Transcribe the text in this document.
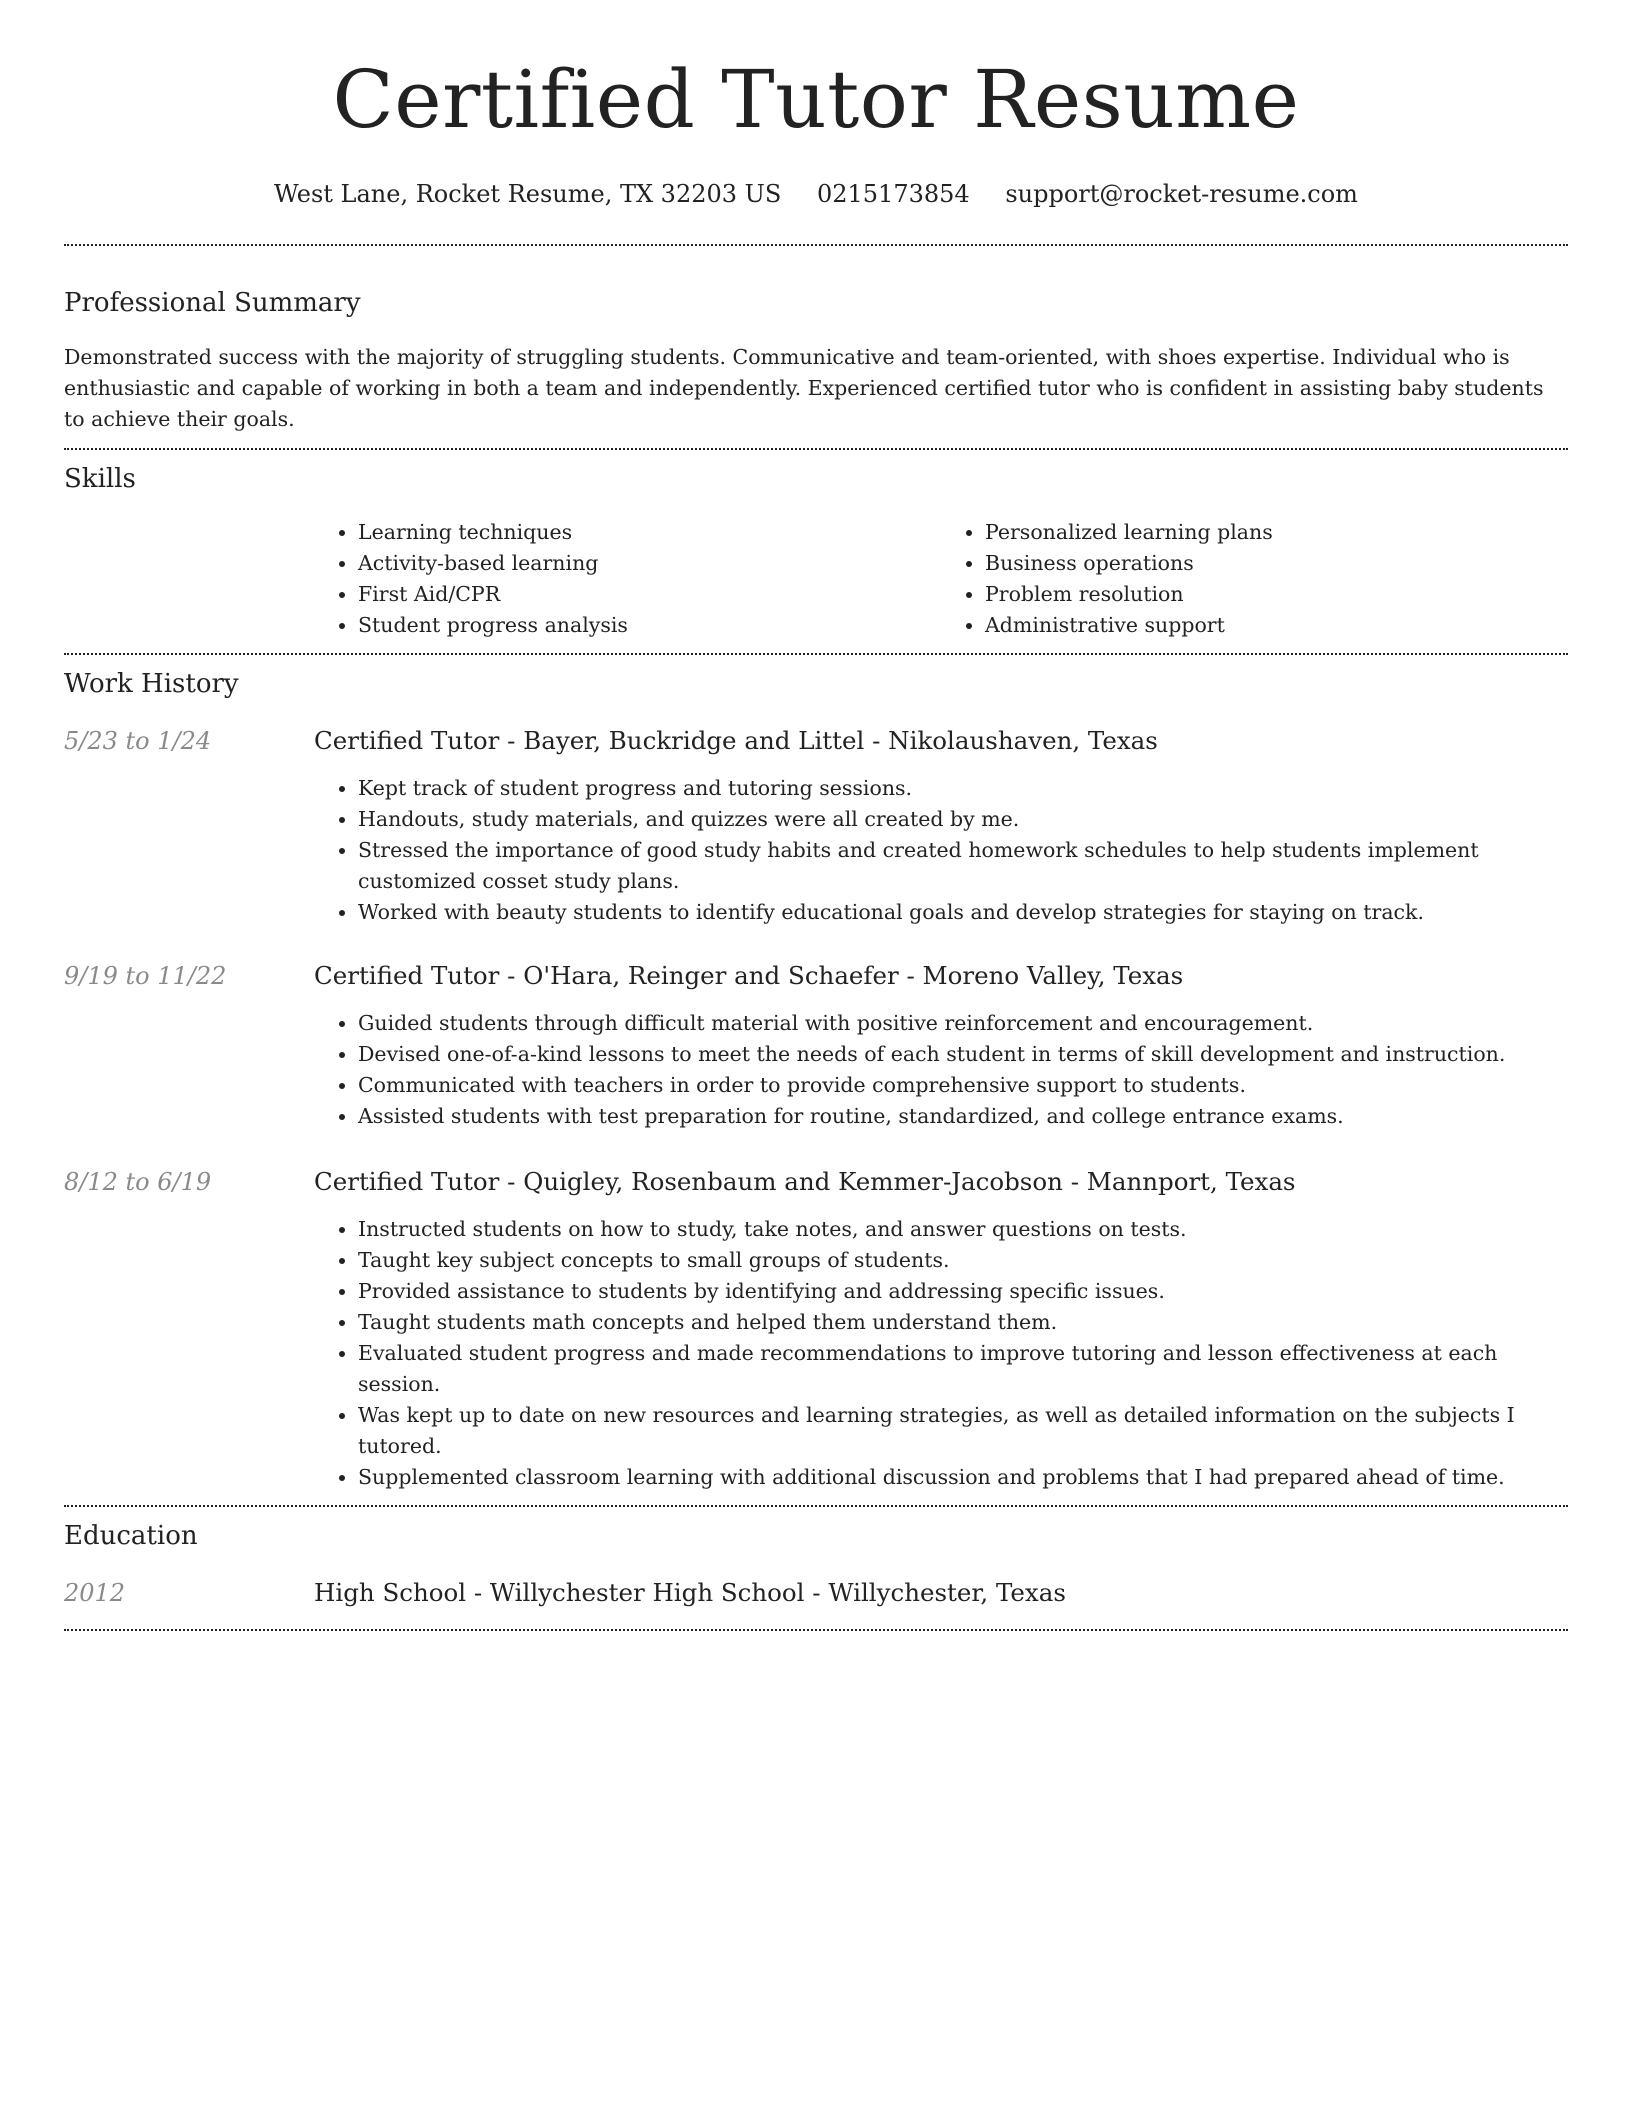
Certified Tutor Resume
West Lane, Rocket Resume, TX 32203 US 0215173854 support@rocket-resume.com
Professional Summary

Demonstrated success with the majority of struggling students. Communicative and team-oriented, with shoes expertise. Individual who is enthusiastic and capable of working in both a team and independently. Experienced certified tutor who is confident in assisting baby students to achieve their goals.

Skills
• Learning techniques
• Activity-based learning
• First Aid/CPR
• Student progress analysis
• Personalized learning plans
• Business operations
• Problem resolution
• Administrative support
Work History
5/23 to 1/24	Certified Tutor - Bayer, Buckridge and Littel - Nikolaushaven, Texas
• Kept track of student progress and tutoring sessions.
• Handouts, study materials, and quizzes were all created by me.
• Stressed the importance of good study habits and created homework schedules to help students implement customized cosset study plans.
• Worked with beauty students to identify educational goals and develop strategies for staying on track.
9/19 to 11/22	Certified Tutor - O'Hara, Reinger and Schaefer - Moreno Valley, Texas
• Guided students through difficult material with positive reinforcement and encouragement.
• Devised one-of-a-kind lessons to meet the needs of each student in terms of skill development and instruction.
• Communicated with teachers in order to provide comprehensive support to students.
• Assisted students with test preparation for routine, standardized, and college entrance exams.
8/12 to 6/19	Certified Tutor - Quigley, Rosenbaum and Kemmer-Jacobson - Mannport, Texas
• Instructed students on how to study, take notes, and answer questions on tests.
• Taught key subject concepts to small groups of students.
• Provided assistance to students by identifying and addressing specific issues.
• Taught students math concepts and helped them understand them.
• Evaluated student progress and made recommendations to improve tutoring and lesson effectiveness at each session.
• Was kept up to date on new resources and learning strategies, as well as detailed information on the subjects I tutored.
• Supplemented classroom learning with additional discussion and problems that I had prepared ahead of time.
Education
2012	High School - Willychester High School - Willychester, Texas
